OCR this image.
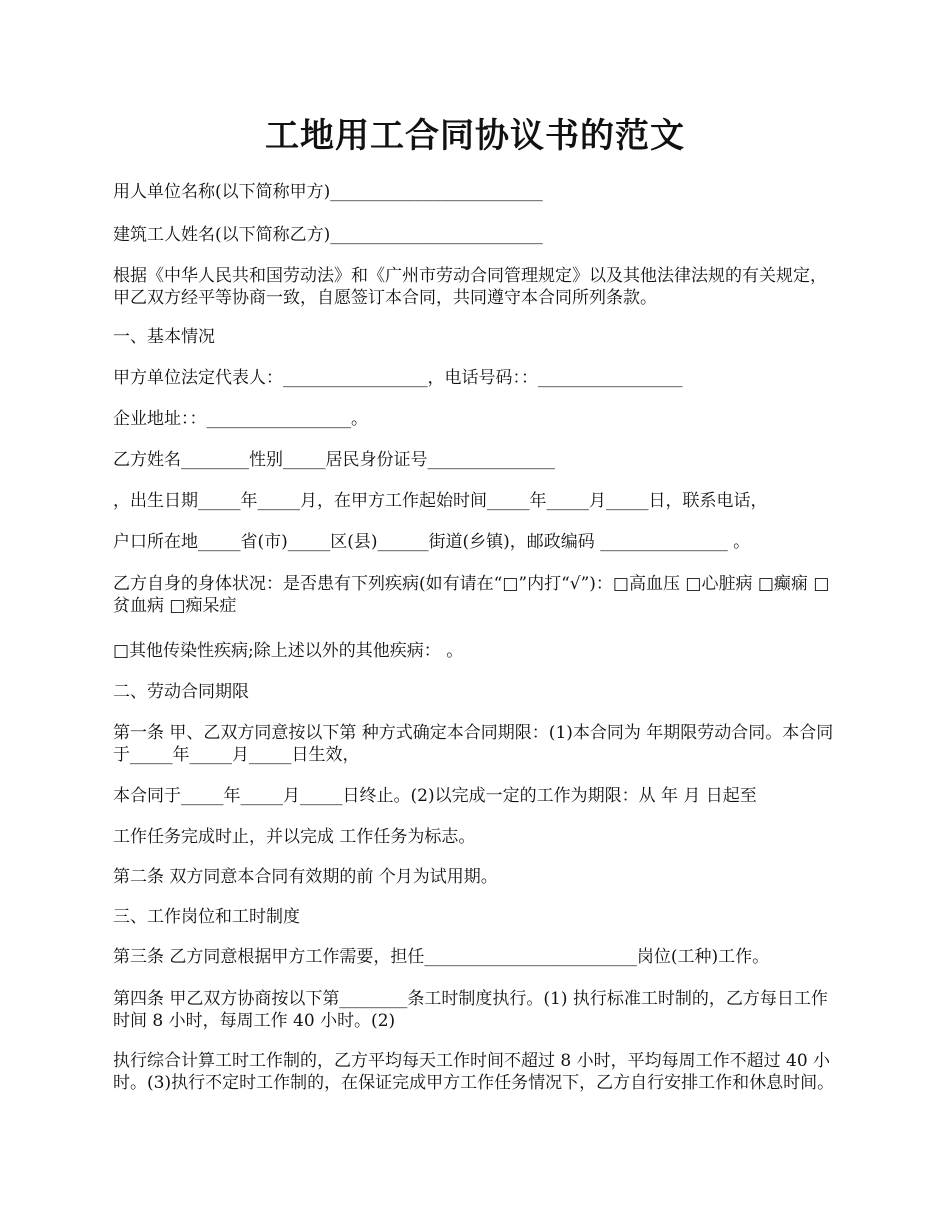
工地用工合同协议书的范文
用人单位名称(以下简称甲方)_________________________
建筑工人姓名(以下简称乙方)_________________________
根据《中华人民共和国劳动法》和《广州市劳动合同管理规定》以及其他法律法规的有关规定，甲乙双方经平等协商一致，自愿签订本合同，共同遵守本合同所列条款。
一、基本情况
甲方单位法定代表人：_________________，电话号码：：_________________
企业地址：：_________________。
乙方姓名________性别_____居民身份证号_______________
，出生日期_____年_____月，在甲方工作起始时间_____年_____月_____日，联系电话，
户口所在地_____省(市)_____区(县)______街道(乡镇)，邮政编码 _______________ 。
乙方自身的身体状况：是否患有下列疾病(如有请在“□”内打“√”)：□高血压 □心脏病 □癫痫 □贫血病 □痴呆症
□其他传染性疾病;除上述以外的其他疾病： 。
二、劳动合同期限
第一条 甲、乙双方同意按以下第 种方式确定本合同期限：(1)本合同为 年期限劳动合同。本合同于_____年_____月_____日生效，
本合同于_____年_____月_____日终止。(2)以完成一定的工作为期限：从 年 月 日起至
工作任务完成时止，并以完成 工作任务为标志。
第二条 双方同意本合同有效期的前 个月为试用期。
三、工作岗位和工时制度
第三条 乙方同意根据甲方工作需要，担任_________________________岗位(工种)工作。
第四条 甲乙双方协商按以下第________条工时制度执行。(1) 执行标准工时制的，乙方每日工作时间 8 小时，每周工作 40 小时。(2)
执行综合计算工时工作制的，乙方平均每天工作时间不超过 8 小时，平均每周工作不超过 40 小时。(3)执行不定时工作制的，在保证完成甲方工作任务情况下，乙方自行安排工作和休息时间。
